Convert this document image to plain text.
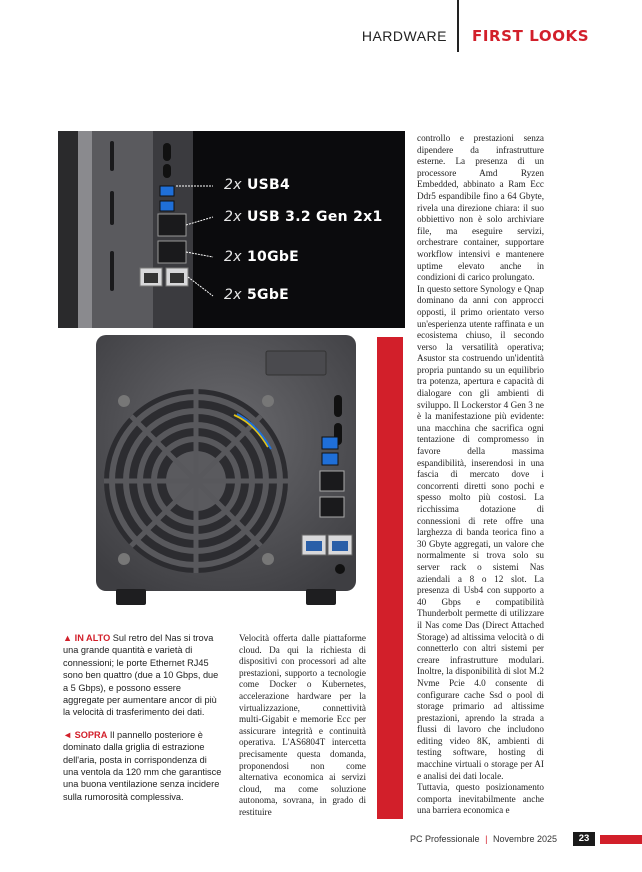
HARDWARE FIRST LOOKS
2x USB4
2x USB 3.2 Gen 2x1
2x 10GbE
2x 5GbE

controllo e prestazioni senza dipendere da infrastrutture esterne. La presenza di un processore Amd Ryzen Embedded, abbinato a Ram Ecc Ddr5 espandibile fino a 64 Gbyte, rivela una direzione chiara: il suo obbiettivo non è solo archiviare file, ma eseguire servizi, orchestrare container, supportare workflow intensivi e mantenere uptime elevato anche in condizioni di carico prolungato.

In questo settore Synology e Qnap dominano da anni con approcci opposti, il primo orientato verso un'esperienza utente raffinata e un ecosistema chiuso, il secondo verso la versatilità operativa; Asustor sta costruendo un'identità propria puntando su un equilibrio tra potenza, apertura e capacità di dialogare con gli ambienti di sviluppo. Il Lockerstor 4 Gen 3 ne è la manifestazione più evidente: una macchina che sacrifica ogni tentazione di compromesso in favore della massima espandibilità, inserendosi in una fascia di mercato dove i concorrenti diretti sono pochi e spesso molto più costosi. La ricchissima dotazione di connessioni di rete offre una larghezza di banda teorica fino a 30 Gbyte aggregati, un valore che normalmente si trova solo su server rack o sistemi Nas aziendali a 8 o 12 slot. La presenza di Usb4 con supporto a 40 Gbps e compatibilità Thunderbolt permette di utilizzare il Nas come Das (Direct Attached Storage) ad altissima velocità o di connetterlo con altri sistemi per creare infrastrutture modulari. Inoltre, la disponibilità di slot M.2 Nvme Pcie 4.0 consente di configurare cache Ssd o pool di storage primario ad altissime prestazioni, aprendo la strada a flussi di lavoro che includono editing video 8K, ambienti di testing software, hosting di macchine virtuali o storage per AI e analisi dei dati locale.

Tuttavia, questo posizionamento comporta inevitabilmente anche una barriera economica e

Velocità offerta dalle piattaforme cloud. Da qui la richiesta di dispositivi con processori ad alte prestazioni, supporto a tecnologie come Docker o Kubernetes, accelerazione hardware per la virtualizzazione, connettività multi-Gigabit e memorie Ecc per assicurare integrità e continuità operativa. L'AS6804T intercetta precisamente questa domanda, proponendosi non come alternativa economica ai servizi cloud, ma come soluzione autonoma, sovrana, in grado di restituire

▲ IN ALTO Sul retro del Nas si trova una grande quantità e varietà di connessioni; le porte Ethernet RJ45 sono ben quattro (due a 10 Gbps, due a 5 Gbps), e possono essere aggregate per aumentare ancor di più la velocità di trasferimento dei dati.
◄ SOPRA Il pannello posteriore è dominato dalla griglia di estrazione dell'aria, posta in corrispondenza di una ventola da 120 mm che garantisce una buona ventilazione senza incidere sulla rumorosità complessiva.
PC Professionale | Novembre 2025	23
